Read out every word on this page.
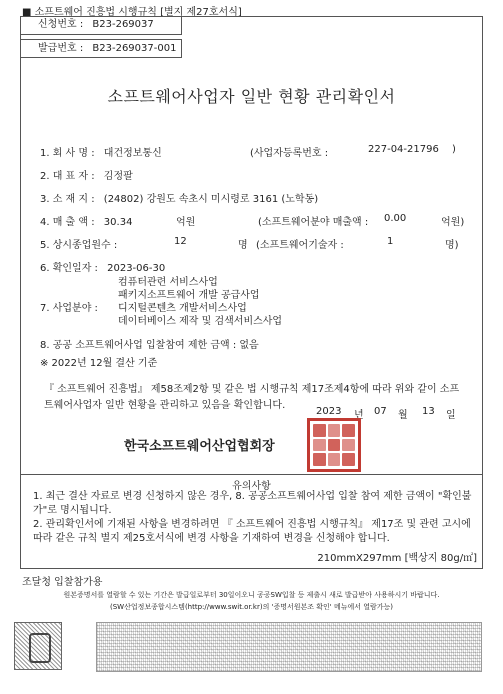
■ 소프트웨어 진흥법 시행규칙 [별지 제27호서식]
신청번호 : B23-269037
발급번호 : B23-269037-001
소프트웨어사업자 일반 현황 관리확인서
1. 회 사 명 : 대건정보통신	(사업자등록번호 :	227-04-21796 )
2. 대 표 자 : 김정팔
3. 소 재 지 : (24802) 강원도 속초시 미시령로 3161 (노학동)
4. 매 출 액 : 30.34	억원	(소프트웨어분야 매출액 : 0.00	억원)
5. 상시종업원수 :	12	명 (소프트웨어기술자 :	1	명)
6. 확인일자 : 2023-06-30
컴퓨터관련 서비스사업
패키지소프트웨어 개발 공급사업
7. 사업분야 : 디지털콘텐츠 개발서비스사업
데이터베이스 제작 및 검색서비스사업
8. 공공 소프트웨어사업 입찰참여 제한 금액 : 없음
※ 2022년 12월 결산 기준
『 소프트웨어 진흥법』 제58조제2항 및 같은 법 시행규칙 제17조제4항에 따라 위와 같이 소프트웨어사업자 일반 현황을 관리하고 있음을 확인합니다.
2023 년 07 월 13 일
한국소프트웨어산업협회장
유의사항
1. 최근 결산 자료로 변경 신청하지 않은 경우, 8. 공공소프트웨어사업 입찰 참여 제한 금액이 "확인불가"로 명시됩니다.
2. 관리확인서에 기재된 사항을 변경하려면 『 소프트웨어 진흥법 시행규칙』 제17조 및 관련 고시에 따라 같은 규칙 별지 제25호서식에 변경 사항을 기재하여 변경을 신청해야 합니다.
210mmX297mm [백상지 80g/㎡]
조달청 입찰참가용
원본증명서를 열람할 수 있는 기간은 발급일로부터 30일이오니 공공SW입찰 등 제출시 새로 발급받아 사용하시기 바랍니다.
(SW산업정보종합시스템(http://www.swit.or.kr)의 '증명서원본조 확인' 메뉴에서 열람가능)
